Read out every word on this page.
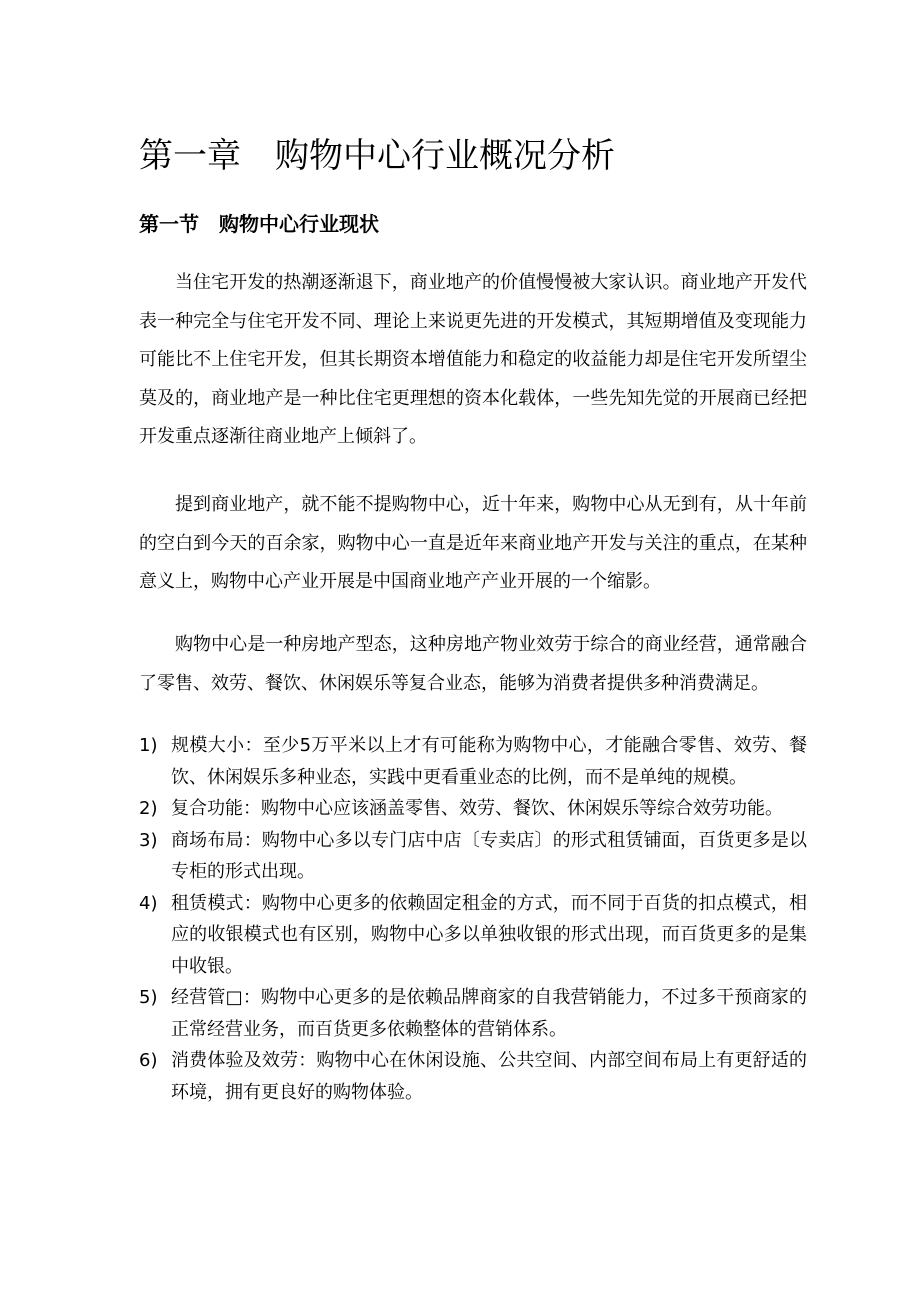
第一章　购物中心行业概况分析
第一节　购物中心行业现状

当住宅开发的热潮逐渐退下，商业地产的价值慢慢被大家认识。商业地产开发代表一种完全与住宅开发不同、理论上来说更先进的开发模式，其短期增值及变现能力可能比不上住宅开发，但其长期资本增值能力和稳定的收益能力却是住宅开发所望尘莫及的，商业地产是一种比住宅更理想的资本化载体，一些先知先觉的开展商已经把开发重点逐渐往商业地产上倾斜了。

提到商业地产，就不能不提购物中心，近十年来，购物中心从无到有，从十年前的空白到今天的百余家，购物中心一直是近年来商业地产开发与关注的重点，在某种意义上，购物中心产业开展是中国商业地产产业开展的一个缩影。

购物中心是一种房地产型态，这种房地产物业效劳于综合的商业经营，通常融合了零售、效劳、餐饮、休闲娱乐等复合业态，能够为消费者提供多种消费满足。

1) 规模大小：至少5万平米以上才有可能称为购物中心，才能融合零售、效劳、餐饮、休闲娱乐多种业态，实践中更看重业态的比例，而不是单纯的规模。
2) 复合功能：购物中心应该涵盖零售、效劳、餐饮、休闲娱乐等综合效劳功能。
3) 商场布局：购物中心多以专门店中店〔专卖店〕的形式租赁铺面，百货更多是以专柜的形式出现。
4) 租赁模式：购物中心更多的依赖固定租金的方式，而不同于百货的扣点模式，相应的收银模式也有区别，购物中心多以单独收银的形式出现，而百货更多的是集中收银。
5) 经营管□：购物中心更多的是依赖品牌商家的自我营销能力，不过多干预商家的正常经营业务，而百货更多依赖整体的营销体系。
6) 消费体验及效劳：购物中心在休闲设施、公共空间、内部空间布局上有更舒适的环境，拥有更良好的购物体验。
